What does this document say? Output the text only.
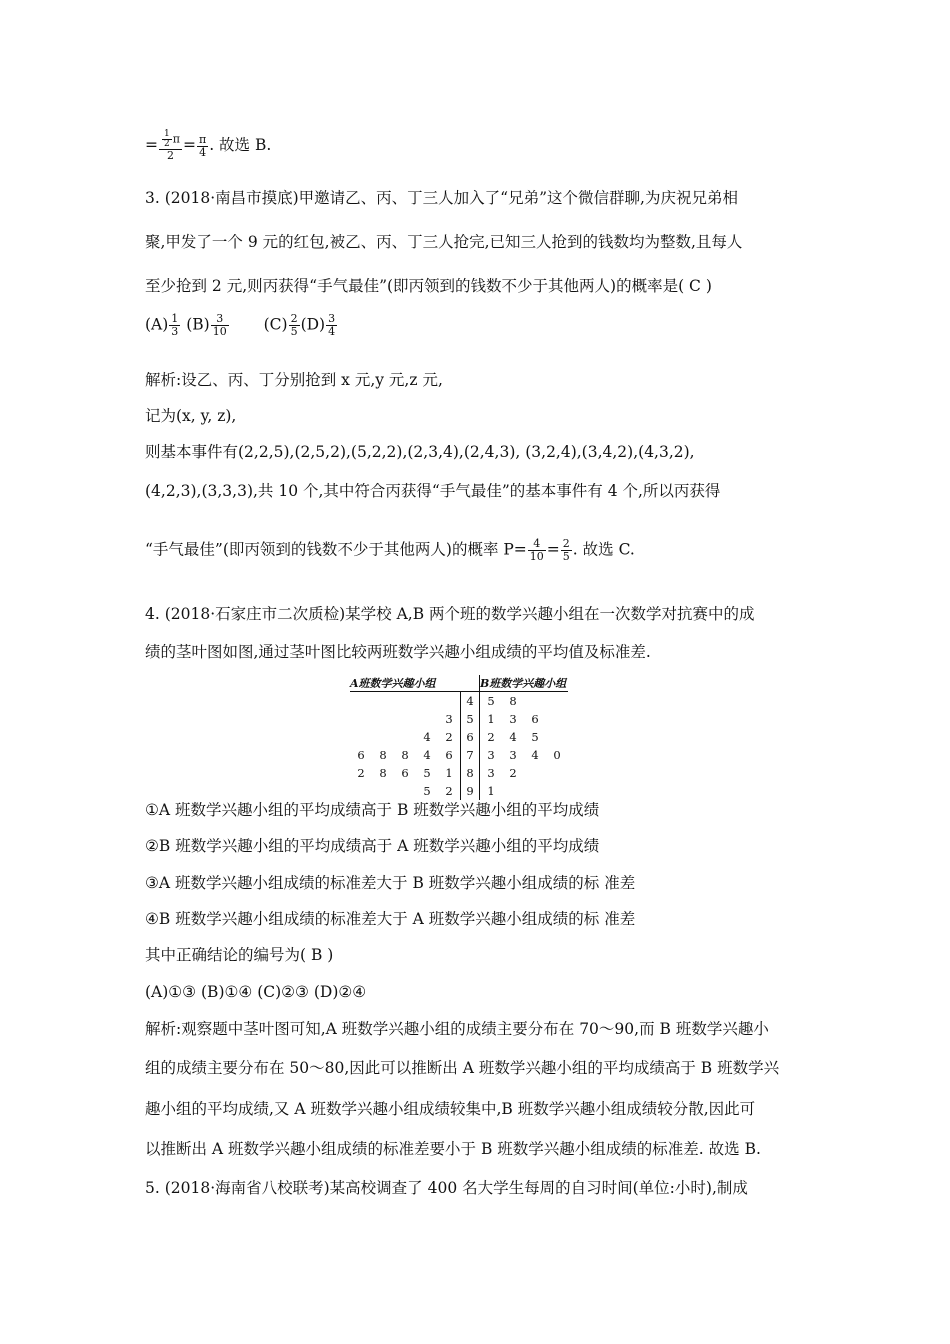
= $\frac{\frac{1}{2} \pi}{2} = \frac{\pi}{4}$ . 故选 B.
3. (2018·南昌市摸底)甲邀请乙、丙、丁三人加入了“兄弟”这个微信群聊,为庆祝兄弟相
聚,甲发了一个 9 元的红包,被乙、丙、丁三人抢完,已知三人抢到的钱数均为整数,且每人
至少抢到 2 元,则丙获得“手气最佳”(即丙领到的钱数不少于其他两人)的概率是( C )
$(A) \frac{1}{3} (B) \frac{3}{10} (C) \frac{2}{5} (D) \frac{3}{4}$
解析:设乙、丙、丁分别抢到 x 元,y 元,z 元,
记为(x, y, z),
则基本事件有(2,2,5),(2,5,2),(5,2,2),(2,3,4),(2,4,3), (3,2,4),(3,4,2),(4,3,2),
(4,2,3),(3,3,3),共 10 个,其中符合丙获得“手气最佳”的基本事件有 4 个,所以丙获得
“手气最佳”(即丙领到的钱数不少于其他两人)的概率 $P= \frac{4}{10} = \frac{2}{5}$ . 故选 C.
4. (2018·石家庄市二次质检)某学校 A,B 两个班的数学兴趣小组在一次数学对抗赛中的成
绩的茎叶图如图,通过茎叶图比较两班数学兴趣小组成绩的平均值及标准差.
A班数学兴趣小组						B班数学兴趣小组			
					4	5	8		
				3	5	1	3	6	
			4	2	6	2	4	5	
6	8	8	4	6	7	3	3	4	0
2	8	6	5	1	8	3	2		
			5	2	9	1			
①A 班数学兴趣小组的平均成绩高于 B 班数学兴趣小组的平均成绩
②B 班数学兴趣小组的平均成绩高于 A 班数学兴趣小组的平均成绩
③A 班数学兴趣小组成绩的标准差大于 B 班数学兴趣小组成绩的标 准差
④B 班数学兴趣小组成绩的标准差大于 A 班数学兴趣小组成绩的标 准差
其中正确结论的编号为( B )
(A)①③ (B)①④ (C)②③ (D)②④
解析:观察题中茎叶图可知,A 班数学兴趣小组的成绩主要分布在 70～90,而 B 班数学兴趣小
组的成绩主要分布在 50～80,因此可以推断出 A 班数学兴趣小组的平均成绩高于 B 班数学兴
趣小组的平均成绩,又 A 班数学兴趣小组成绩较集中,B 班数学兴趣小组成绩较分散,因此可
以推断出 A 班数学兴趣小组成绩的标准差要小于 B 班数学兴趣小组成绩的标准差. 故选 B.
5. (2018·海南省八校联考)某高校调查了 400 名大学生每周的自习时间(单位:小时),制成
